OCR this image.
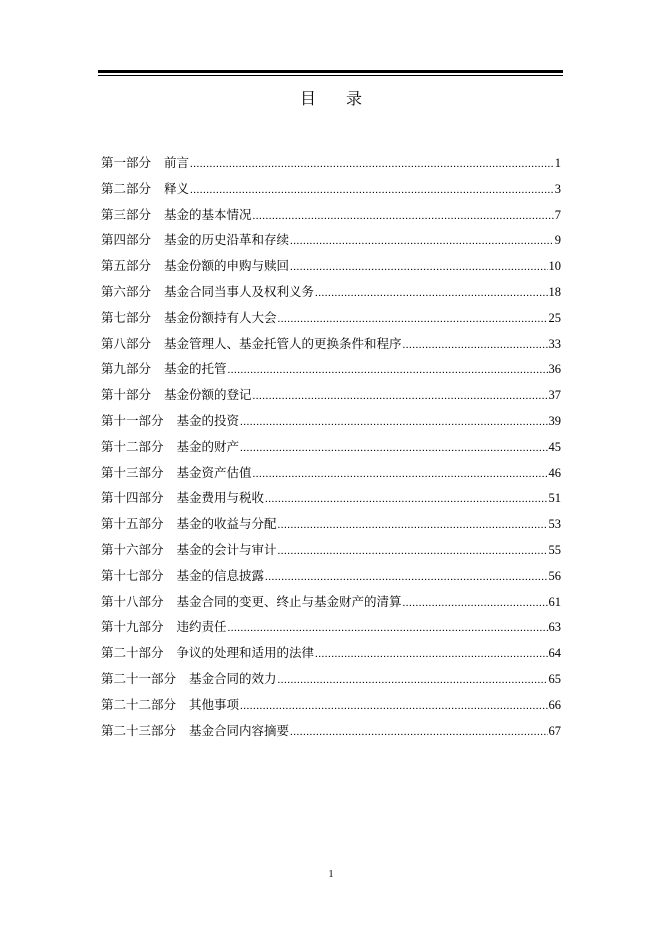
目 录
第一部分 前言 .....	1
第二部分 释义 .....	3
第三部分 基金的基本情况 .....	7
第四部分 基金的历史沿革和存续 .....	9
第五部分 基金份额的申购与赎回 .....	10
第六部分 基金合同当事人及权利义务 .....	18
第七部分 基金份额持有人大会 .....	25
第八部分 基金管理人、基金托管人的更换条件和程序 .....	33
第九部分 基金的托管 .....	36
第十部分 基金份额的登记 .....	37
第十一部分 基金的投资 .....	39
第十二部分 基金的财产 .....	45
第十三部分 基金资产估值 .....	46
第十四部分 基金费用与税收 .....	51
第十五部分 基金的收益与分配 .....	53
第十六部分 基金的会计与审计 .....	55
第十七部分 基金的信息披露 .....	56
第十八部分 基金合同的变更、终止与基金财产的清算 .....	61
第十九部分 违约责任 .....	63
第二十部分 争议的处理和适用的法律 .....	64
第二十一部分 基金合同的效力 .....	65
第二十二部分 其他事项 .....	66
第二十三部分 基金合同内容摘要 .....	67
1
